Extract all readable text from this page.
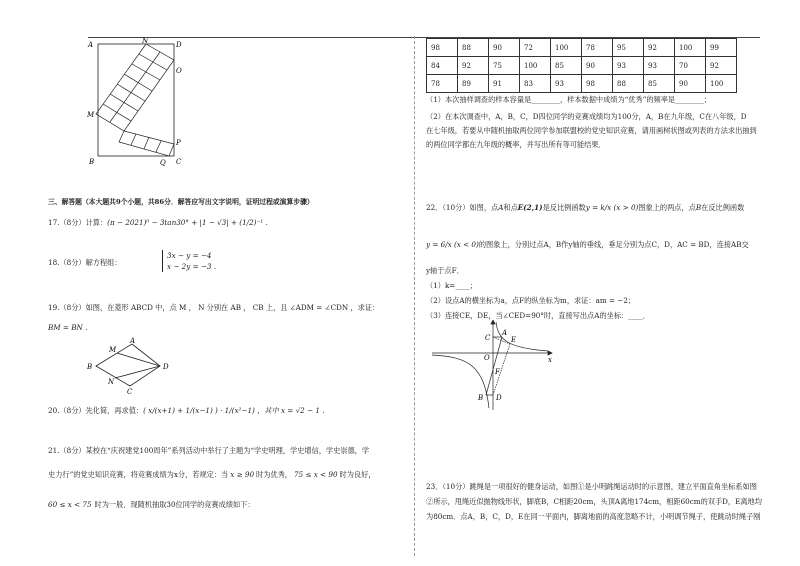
A	N	D
O
M
P
B	Q C
三、解答题（本大题共9个小题，共86分．解答应写出文字说明，证明过程或演算步骤）
17.（8分）计算：(π − 2021)⁰ − 3tan30° + |1 − √3| + (1/2)⁻¹ ．
18.（8分）解方程组：
3x − y = −4
x − 2y = −3 ．
19.（8分）如图，在菱形 ABCD 中，点 M ， N 分别在 AB ， CB 上，且 ∠ADM = ∠CDN ，求证：
BM = BN ．
A
M
B	D
N
C
20.（8分）先化简，再求值：( x/(x+1) + 1/(x−1) ) · 1/(x²−1) ，其中 x = √2 − 1 ．
21.（8分）某校在“庆祝建党100周年”系列活动中举行了主题为“学史明理，学史增信，学史崇德，学
史力行”的党史知识竞赛，将竞赛成绩为x分，若规定：当 x ≥ 90 时为优秀， 75 ≤ x < 90 时为良好，
60 ≤ x < 75 时为一般．现随机抽取30位同学的竞赛成绩如下：
98	88	90	72	100	78	95	92	100	99
84	92	75	100	85	90	93	93	70	92
78	89	91	83	93	98	88	85	90	100
（1）本次抽样调查的样本容量是________，样本数据中成绩为“优秀”的频率是________；
（2）在本次调查中，A，B，C，D四位同学的竞赛成绩均为100分，A，B在九年级，C在八年级，D
在七年级，若要从中随机抽取两位同学参加联盟校的党史知识竞赛，请用画树状图或列表的方法求出抽到
的两位同学都在九年级的概率，并写出所有等可能结果．
22．（10分）如图，点A和点E(2,1)是反比例函数y = k/x (x > 0)图象上的两点，点B在反比例函数
y = 6/x (x < 0)的图象上，分别过点A，B作y轴的垂线，垂足分别为点C，D，AC = BD，连接AB交
y轴于点F．
（1）k=____；
（2）设点A的横坐标为a，点F的纵坐标为m，求证：am = −2；
（3）连接CE，DE，当∠CED=90°时，直接写出点A的坐标：____．
C
A
E
O	x
F
B D
23．（10分）跳绳是一项很好的健身运动，如图①是小明跳绳运动时的示意图，建立平面直角坐标系如图
②所示，甩绳近似抛物线形状，脚底B，C相距20cm，头顶A离地174cm，相距60cm的双手D，E离地均
为80cm．点A，B，C，D，E在同一平面内，脚离地面的高度忽略不计，小明调节绳子，使跳动时绳子刚
